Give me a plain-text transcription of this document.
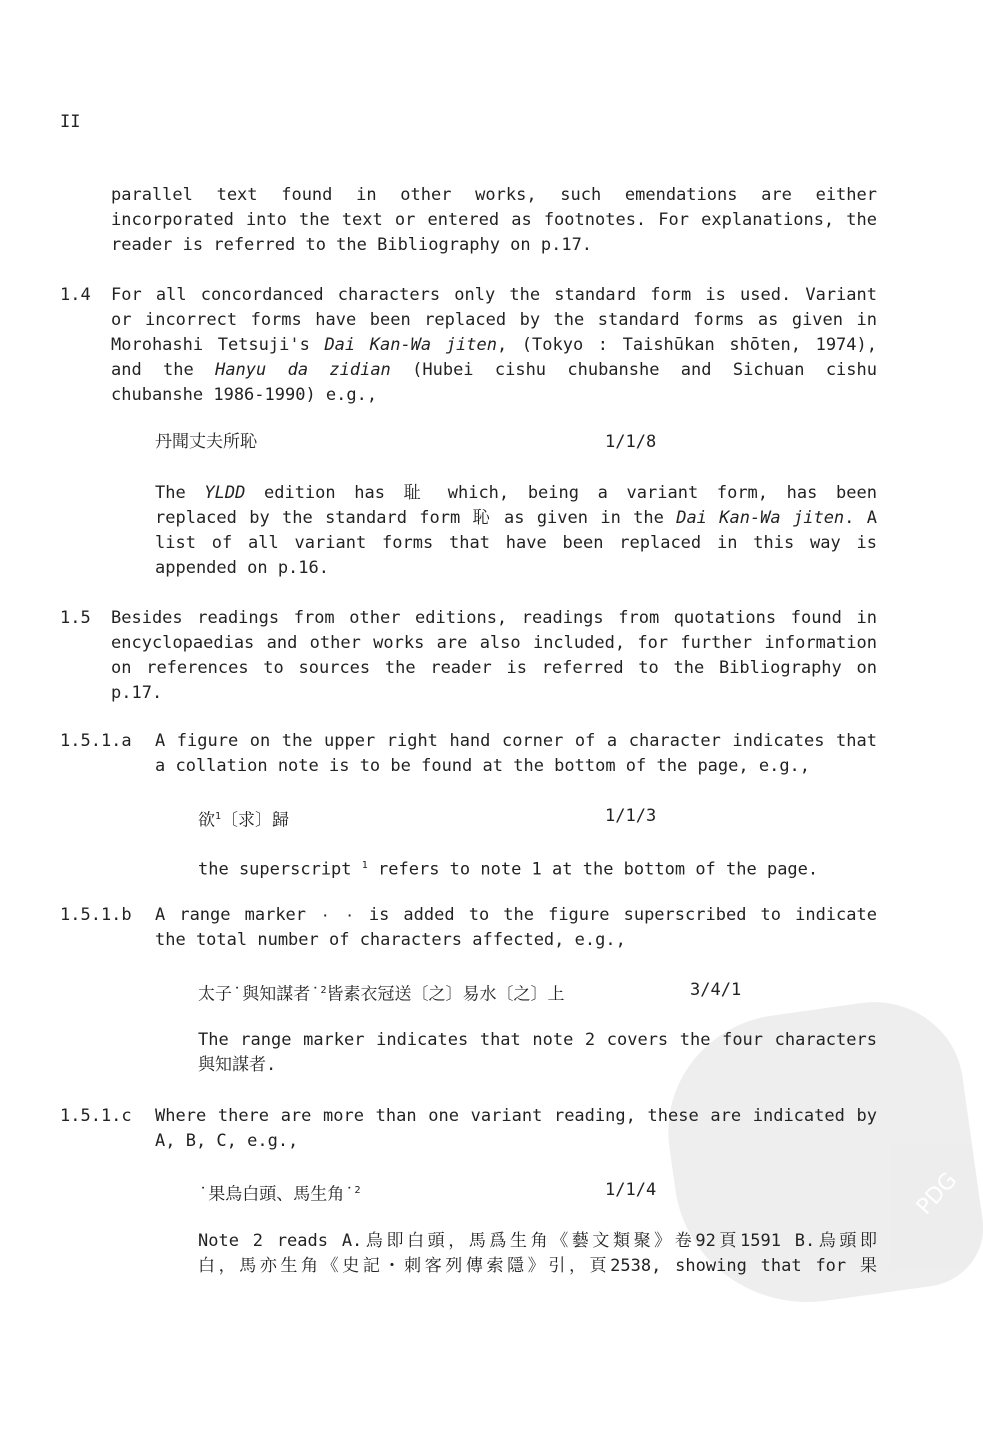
II
parallel text found in other works, such emendations are either
incorporated into the text or entered as footnotes. For explanations, the
reader is referred to the Bibliography on p.17.
1.4 For all concordanced characters only the standard form is used. Variant
or incorrect forms have been replaced by the standard forms as given in
Morohashi Tetsuji's Dai Kan-Wa jiten, (Tokyo : Taishūkan shōten, 1974),
and the Hanyu da zidian (Hubei cishu chubanshe and Sichuan cishu
chubanshe 1986-1990) e.g.,
丹聞丈夫所恥	1/1/8
The YLDD edition has 耻 which, being a variant form, has been
replaced by the standard form 恥 as given in the Dai Kan-Wa jiten. A
list of all variant forms that have been replaced in this way is
appended on p.16.
1.5 Besides readings from other editions, readings from quotations found in
encyclopaedias and other works are also included, for further information
on references to sources the reader is referred to the Bibliography on
p.17.
1.5.1.a A figure on the upper right hand corner of a character indicates that
a collation note is to be found at the bottom of the page, e.g.,
欲$^1$〔求〕歸	1/1/3
the superscript $^1$ refers to note 1 at the bottom of the page.
1.5.1.b A range marker ٠ ٠ is added to the figure superscribed to indicate
the total number of characters affected, e.g.,
太子˙與知謀者˙$^2$皆素衣冠送〔之〕易水〔之〕上	3/4/1
PDG
The range marker indicates that note 2 covers the four characters
與知謀者.
1.5.1.c Where there are more than one variant reading, these are indicated by
A, B, C, e.g.,
˙果烏白頭、馬生角˙$^2$	1/1/4
Note 2 reads A.烏即白頭，馬爲生角《藝文類聚》卷92頁1591 B.烏頭即
白，馬亦生角《史記・刺客列傳索隱》引，頁2538, showing that for 果
